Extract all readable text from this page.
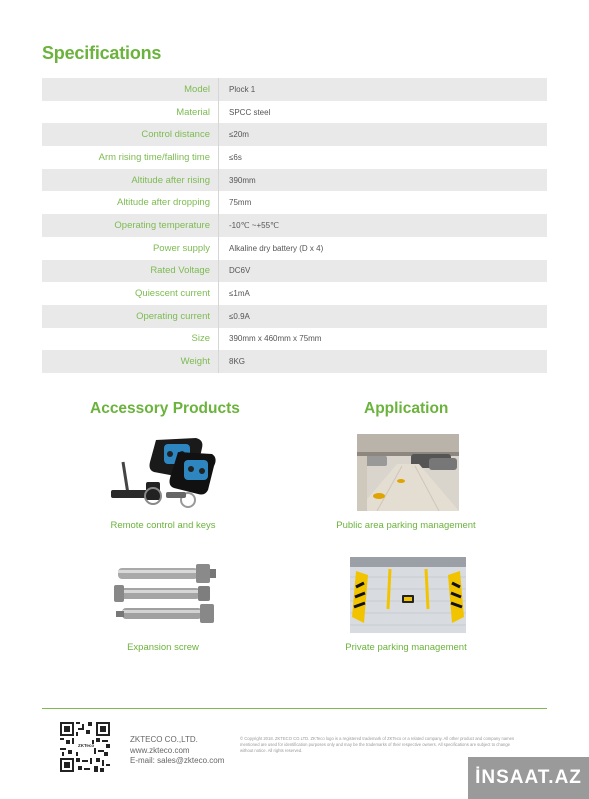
Specifications
Model	Plock 1
Material	SPCC steel
Control distance	≤20m
Arm rising time/falling time	≤6s
Altitude after rising	390mm
Altitude after dropping	75mm
Operating temperature	-10℃ ~+55℃
Power supply	Alkaline dry battery (D x 4)
Rated Voltage	DC6V
Quiescent current	≤1mA
Operating current	≤0.9A
Size	390mm x 460mm x 75mm
Weight	8KG
Accessory Products	Application
Remote control and keys
Expansion screw
Public area parking management
Private parking management
ZKTeco
ZKTECO CO.,LTD.
www.zkteco.com
E-mail: sales@zkteco.com
© Copyright 2018. ZKTECO CO.LTD. ZKTeco logo is a registered trademark of ZKTeco or a related company. All other product and company names
mentioned are used for identification purposes only and may be the trademarks of their respective owners. All specifications are subject to change
without notice. All rights reserved.
İNSAAT.AZ
